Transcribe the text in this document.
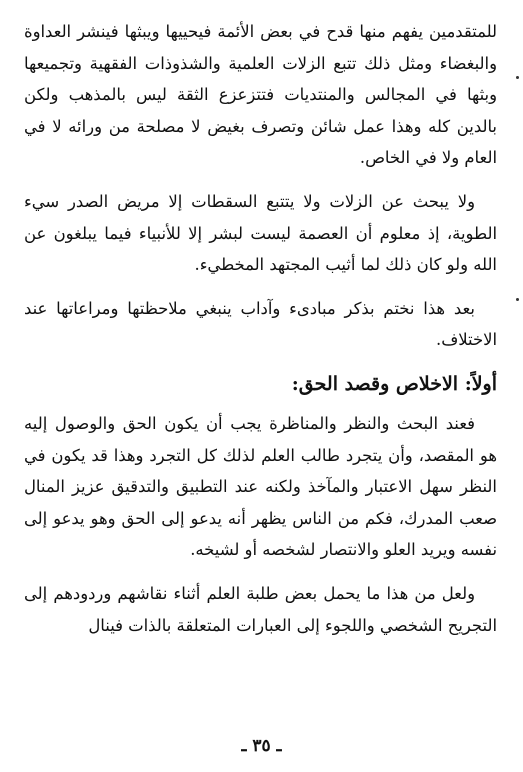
للمتقدمين يفهم منها قدح في بعض الأئمة فيحييها ويبثها فينشر العداوة والبغضاء ومثل ذلك تتبع الزلات العلمية والشذوذات الفقهية وتجميعها وبثها في المجالس والمنتديات فتتزعزع الثقة ليس بالمذهب ولكن بالدين كله وهذا عمل شائن وتصرف بغيض لا مصلحة من ورائه لا في العام ولا في الخاص.

ولا يبحث عن الزلات ولا يتتبع السقطات إلا مريض الصدر سيء الطوية، إذ معلوم أن العصمة ليست لبشر إلا للأنبياء فيما يبلغون عن الله ولو كان ذلك لما أثيب المجتهد المخطيء.

بعد هذا نختم بذكر مبادىء وآداب ينبغي ملاحظتها ومراعاتها عند الاختلاف.

أولاً: الاخلاص وقصد الحق:

فعند البحث والنظر والمناظرة يجب أن يكون الحق والوصول إليه هو المقصد، وأن يتجرد طالب العلم لذلك كل التجرد وهذا قد يكون في النظر سهل الاعتبار والمآخذ ولكنه عند التطبيق والتدقيق عزيز المنال صعب المدرك، فكم من الناس يظهر أنه يدعو إلى الحق وهو يدعو إلى نفسه ويريد العلو والانتصار لشخصه أو لشيخه.

ولعل من هذا ما يحمل بعض طلبة العلم أثناء نقاشهم وردودهم إلى التجريح الشخصي واللجوء إلى العبارات المتعلقة بالذات فينال

ـ ٣٥ ـ
